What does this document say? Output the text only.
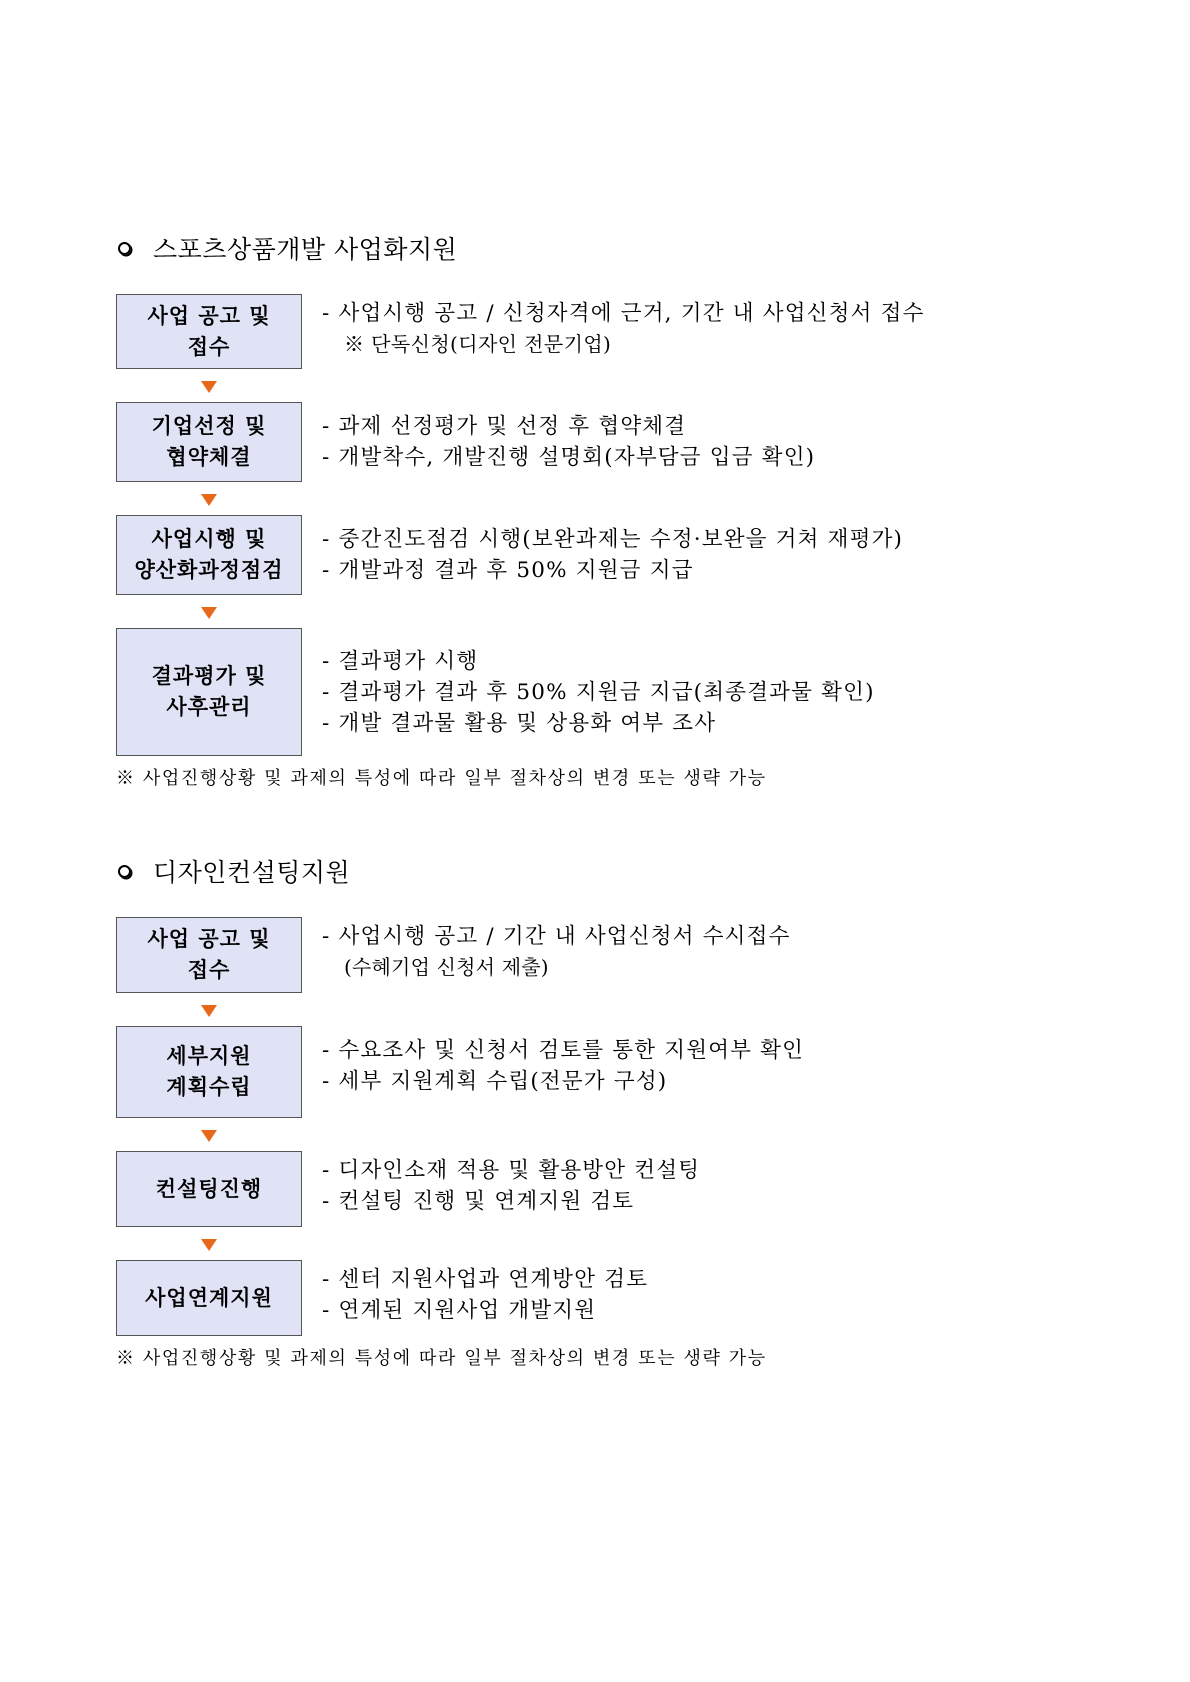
스포츠상품개발 사업화지원
사업 공고 및
접수
- 사업시행 공고 / 신청자격에 근거, 기간 내 사업신청서 접수
※ 단독신청(디자인 전문기업)
기업선정 및
협약체결
- 과제 선정평가 및 선정 후 협약체결
- 개발착수, 개발진행 설명회(자부담금 입금 확인)
사업시행 및
양산화과정점검
- 중간진도점검 시행(보완과제는 수정·보완을 거쳐 재평가)
- 개발과정 결과 후 50% 지원금 지급
결과평가 및
사후관리
- 결과평가 시행
- 결과평가 결과 후 50% 지원금 지급(최종결과물 확인)
- 개발 결과물 활용 및 상용화 여부 조사
※ 사업진행상황 및 과제의 특성에 따라 일부 절차상의 변경 또는 생략 가능
디자인컨설팅지원
사업 공고 및
접수
- 사업시행 공고 / 기간 내 사업신청서 수시접수
(수혜기업 신청서 제출)
세부지원
계획수립
- 수요조사 및 신청서 검토를 통한 지원여부 확인
- 세부 지원계획 수립(전문가 구성)
컨설팅진행
- 디자인소재 적용 및 활용방안 컨설팅
- 컨설팅 진행 및 연계지원 검토
사업연계지원
- 센터 지원사업과 연계방안 검토
- 연계된 지원사업 개발지원
※ 사업진행상황 및 과제의 특성에 따라 일부 절차상의 변경 또는 생략 가능
